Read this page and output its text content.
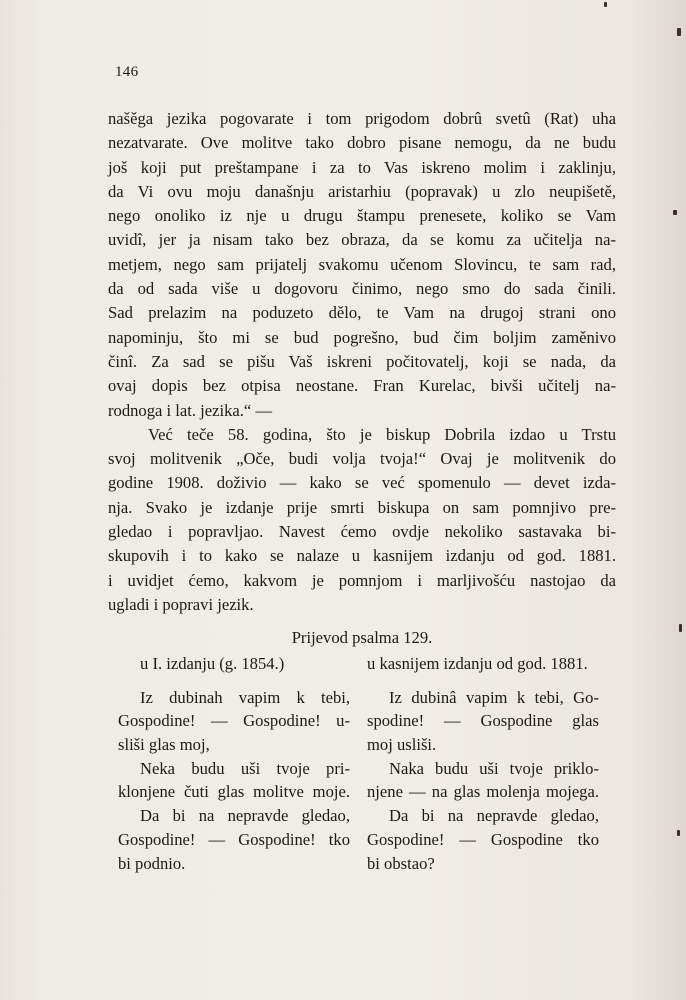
146
našěga jezika pogovarate i tom prigodom dobrû svetû (Rat) uha
nezatvarate. Ove molitve tako dobro pisane nemogu, da ne budu
još koji put preštampane i za to Vas iskreno molim i zaklinju,
da Vi ovu moju današnju aristarhiu (popravak) u zlo neupišetě,
nego onoliko iz nje u drugu štampu prenesete, koliko se Vam
uvidî, jer ja nisam tako bez obraza, da se komu za učitelja na-
metjem, nego sam prijatelj svakomu učenom Slovincu, te sam rad,
da od sada više u dogovoru činimo, nego smo do sada činili.
Sad prelazim na poduzeto dělo, te Vam na drugoj strani ono
napominju, što mi se bud pogrešno, bud čim boljim zaměnivo
činî. Za sad se pišu Vaš iskreni počitovatelj, koji se nada, da
ovaj dopis bez otpisa neostane. Fran Kurelac, bivši učitelj na-
rodnoga i lat. jezika.“ —
Već teče 58. godina, što je biskup Dobrila izdao u Trstu
svoj molitvenik „Oče, budi volja tvoja!“ Ovaj je molitvenik do
godine 1908. doživio — kako se već spomenulo — devet izda-
nja. Svako je izdanje prije smrti biskupa on sam pomnjivo pre-
gledao i popravljao. Navest ćemo ovdje nekoliko sastavaka bi-
skupovih i to kako se nalaze u kasnijem izdanju od god. 1881.
i uvidjet ćemo, kakvom je pomnjom i marljivošću nastojao da
ugladi i popravi jezik.
Prijevod psalma 129.
u I. izdanju (g. 1854.)
Iz dubinah vapim k tebi,
Gospodine! — Gospodine! u-
sliši glas moj,
Neka budu uši tvoje pri-
klonjene čuti glas molitve moje.
Da bi na nepravde gledao,
Gospodine! — Gospodine! tko
bi podnio.
u kasnijem izdanju od god. 1881.
Iz dubinâ vapim k tebi, Go-
spodine! — Gospodine glas
moj usliši.
Naka budu uši tvoje priklo-
njene — na glas molenja mojega.
Da bi na nepravde gledao,
Gospodine! — Gospodine tko
bi obstao?
